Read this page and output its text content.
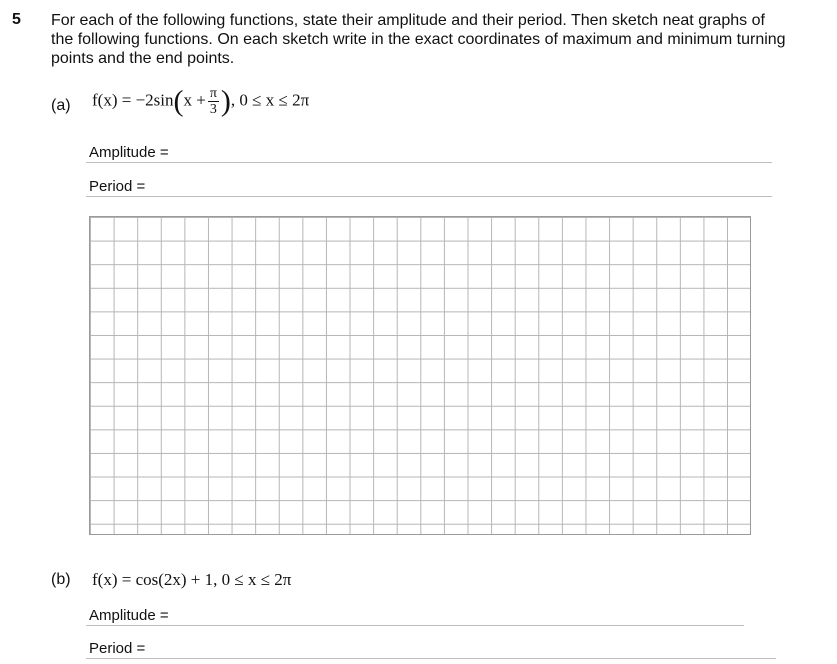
5 For each of the following functions, state their amplitude and their period. Then sketch neat graphs of the following functions. On each sketch write in the exact coordinates of maximum and minimum turning points and the end points.
(a) $f(x) = -2\sin(x + \frac{\pi}{3}$ ), 0 ≤ x ≤ 2π
Amplitude =
Period =
(b) f(x) = cos(2x) + 1, 0 ≤ x ≤ 2π
Amplitude =
Period =
